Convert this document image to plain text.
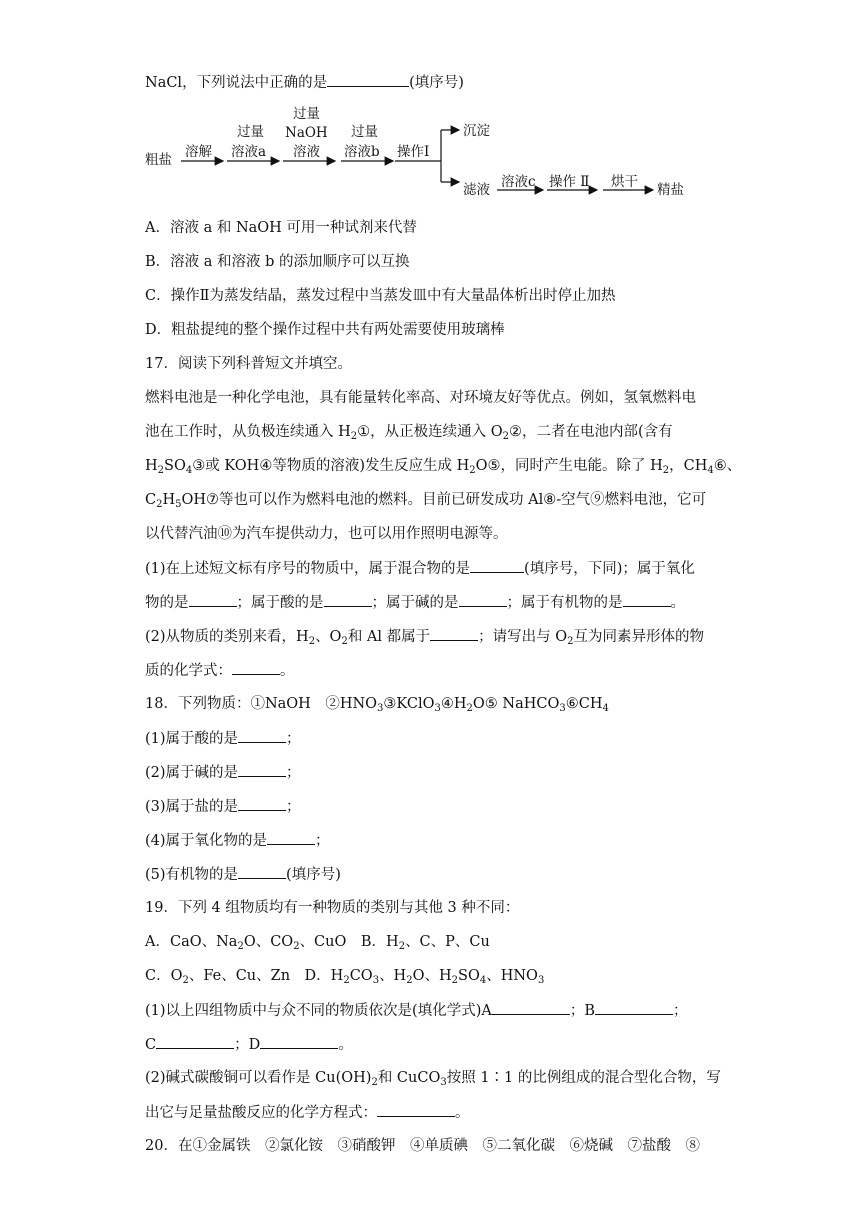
NaCl，下列说法中正确的是	(填序号)
粗盐 溶解
过量
溶液a
过量
NaOH
溶液
过量
溶液b 操作I
沉淀
滤液 溶液c 操作 Ⅱ 烘干 精盐
A．溶液 a 和 NaOH 可用一种试剂来代替
B．溶液 a 和溶液 b 的添加顺序可以互换
C．操作Ⅱ为蒸发结晶，蒸发过程中当蒸发皿中有大量晶体析出时停止加热
D．粗盐提纯的整个操作过程中共有两处需要使用玻璃棒
17．阅读下列科普短文并填空。
燃料电池是一种化学电池，具有能量转化率高、对环境友好等优点。例如，氢氧燃料电
池在工作时，从负极连续通入 $H_2①$，从正极连续通入 $O_2②$，二者在电池内部(含有
$H_2SO_4③$或 KOH④等物质的溶液)发生反应生成 $H_2O⑤$，同时产生电能。除了 $H_2$，$CH_4⑥$、
$C_2H_5OH⑦$等也可以作为燃料电池的燃料。目前已研发成功 Al⑧-空气⑨燃料电池，它可
以代替汽油⑩为汽车提供动力，也可以用作照明电源等。
(1)在上述短文标有序号的物质中，属于混合物的是	(填序号，下同)；属于氧化
物的是	；属于酸的是	；属于碱的是	；属于有机物的是	。
(2)从物质的类别来看，$H_2$、$O_2$和 Al 都属于	；请写出与 $O_2$互为同素异形体的物
质的化学式：	。
18．下列物质：①NaOH　$②HNO_3③KClO_3④H_2O⑤$ $NaHCO_3⑥CH_4$
(1)属于酸的是	；
(2)属于碱的是	；
(3)属于盐的是	；
(4)属于氧化物的是	；
(5)有机物的是	(填序号)
19．下列 4 组物质均有一种物质的类别与其他 3 种不同：
A．CaO、$Na_2O$、$CO_2$、CuO　B．$H_2$、C、P、Cu
C．$O_2$、Fe、Cu、Zn　D．$H_2CO_3$、$H_2O$、$H_2SO_4$、$HNO_3$
(1)以上四组物质中与众不同的物质依次是(填化学式)A	；B	；
C	；D	。
(2)碱式碳酸铜可以看作是 $Cu(OH)_2$和 CuCO$_3$按照 1∶1 的比例组成的混合型化合物，写
出它与足量盐酸反应的化学方程式：	。
20．在①金属铁　②氯化铵　③硝酸钾　④单质碘　⑤二氧化碳　⑥烧碱　⑦盐酸　⑧
